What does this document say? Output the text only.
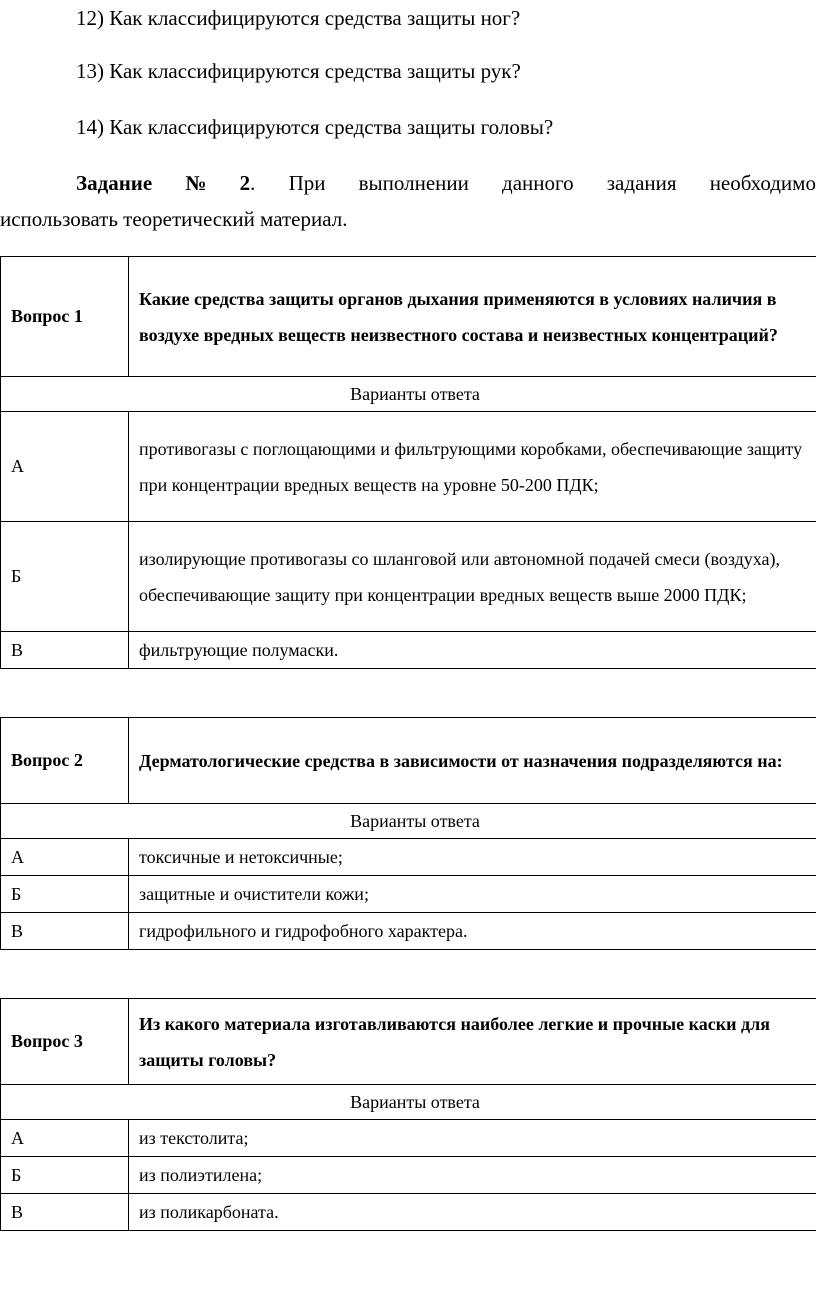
12) Как классифицируются средства защиты ног?
13) Как классифицируются средства защиты рук?
14) Как классифицируются средства защиты головы?
Задание № 2. При выполнении данного задания необходимо
использовать теоретический материал.
Вопрос 1	Какие средства защиты органов дыхания применяются в условиях наличия в воздухе вредных веществ неизвестного состава и неизвестных концентраций?
Варианты ответа	
А	противогазы с поглощающими и фильтрующими коробками, обеспечивающие защиту при концентрации вредных веществ на уровне 50-200 ПДК;
Б	изолирующие противогазы со шланговой или автономной подачей смеси (воздуха), обеспечивающие защиту при концентрации вредных веществ выше 2000 ПДК;
В	фильтрующие полумаски.
Вопрос 2	Дерматологические средства в зависимости от назначения подразделяются на:
Варианты ответа	
А	токсичные и нетоксичные;
Б	защитные и очистители кожи;
В	гидрофильного и гидрофобного характера.
Вопрос 3	Из какого материала изготавливаются наиболее легкие и прочные каски для защиты головы?
Варианты ответа	
А	из текстолита;
Б	из полиэтилена;
В	из поликарбоната.
